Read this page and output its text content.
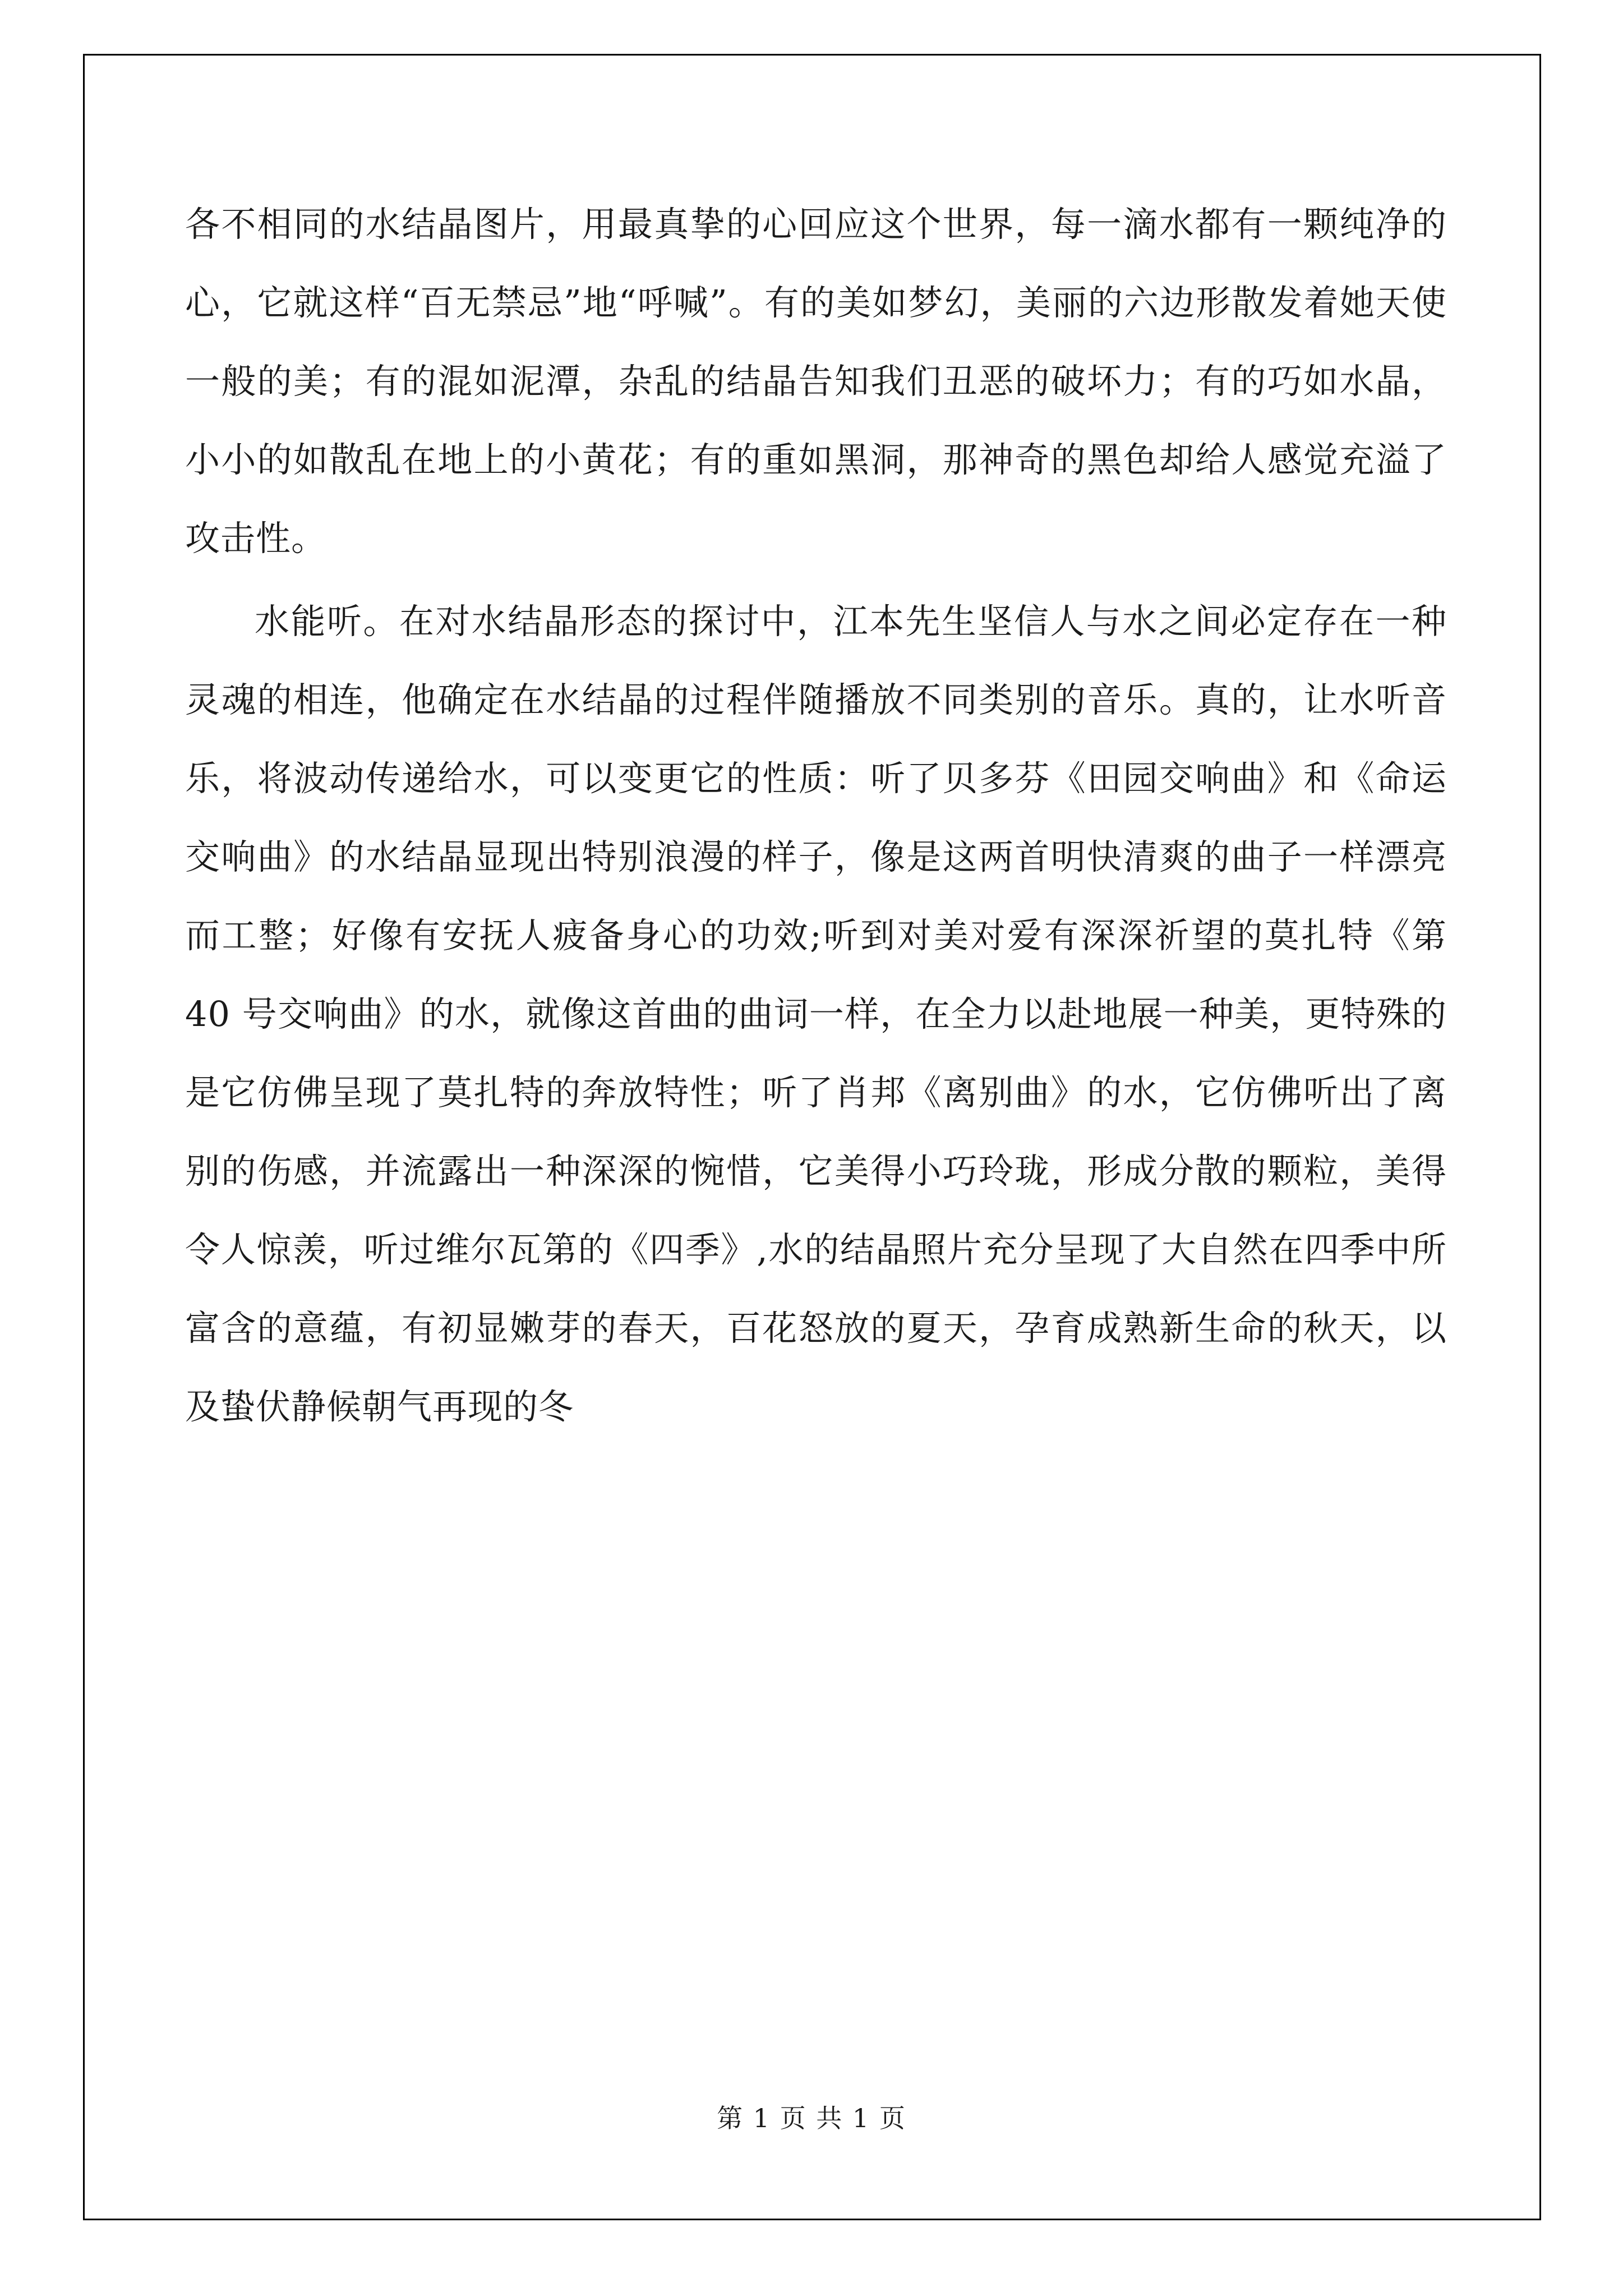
各不相同的水结晶图片，用最真挚的心回应这个世界，每一滴水都有一颗纯净的心，它就这样“百无禁忌”地“呼喊”。有的美如梦幻，美丽的六边形散发着她天使一般的美；有的混如泥潭，杂乱的结晶告知我们丑恶的破坏力；有的巧如水晶，小小的如散乱在地上的小黄花；有的重如黑洞，那神奇的黑色却给人感觉充溢了攻击性。

水能听。在对水结晶形态的探讨中，江本先生坚信人与水之间必定存在一种灵魂的相连，他确定在水结晶的过程伴随播放不同类别的音乐。真的，让水听音乐，将波动传递给水，可以变更它的性质：听了贝多芬《田园交响曲》和《命运交响曲》的水结晶显现出特别浪漫的样子，像是这两首明快清爽的曲子一样漂亮而工整；好像有安抚人疲备身心的功效;听到对美对爱有深深祈望的莫扎特《第 40 号交响曲》的水，就像这首曲的曲词一样，在全力以赴地展一种美，更特殊的是它仿佛呈现了莫扎特的奔放特性；听了肖邦《离别曲》的水，它仿佛听出了离别的伤感，并流露出一种深深的惋惜，它美得小巧玲珑，形成分散的颗粒，美得令人惊羡，听过维尔瓦第的《四季》,水的结晶照片充分呈现了大自然在四季中所富含的意蕴，有初显嫩芽的春天，百花怒放的夏天，孕育成熟新生命的秋天，以及蛰伏静候朝气再现的冬

第 1 页 共 1 页
